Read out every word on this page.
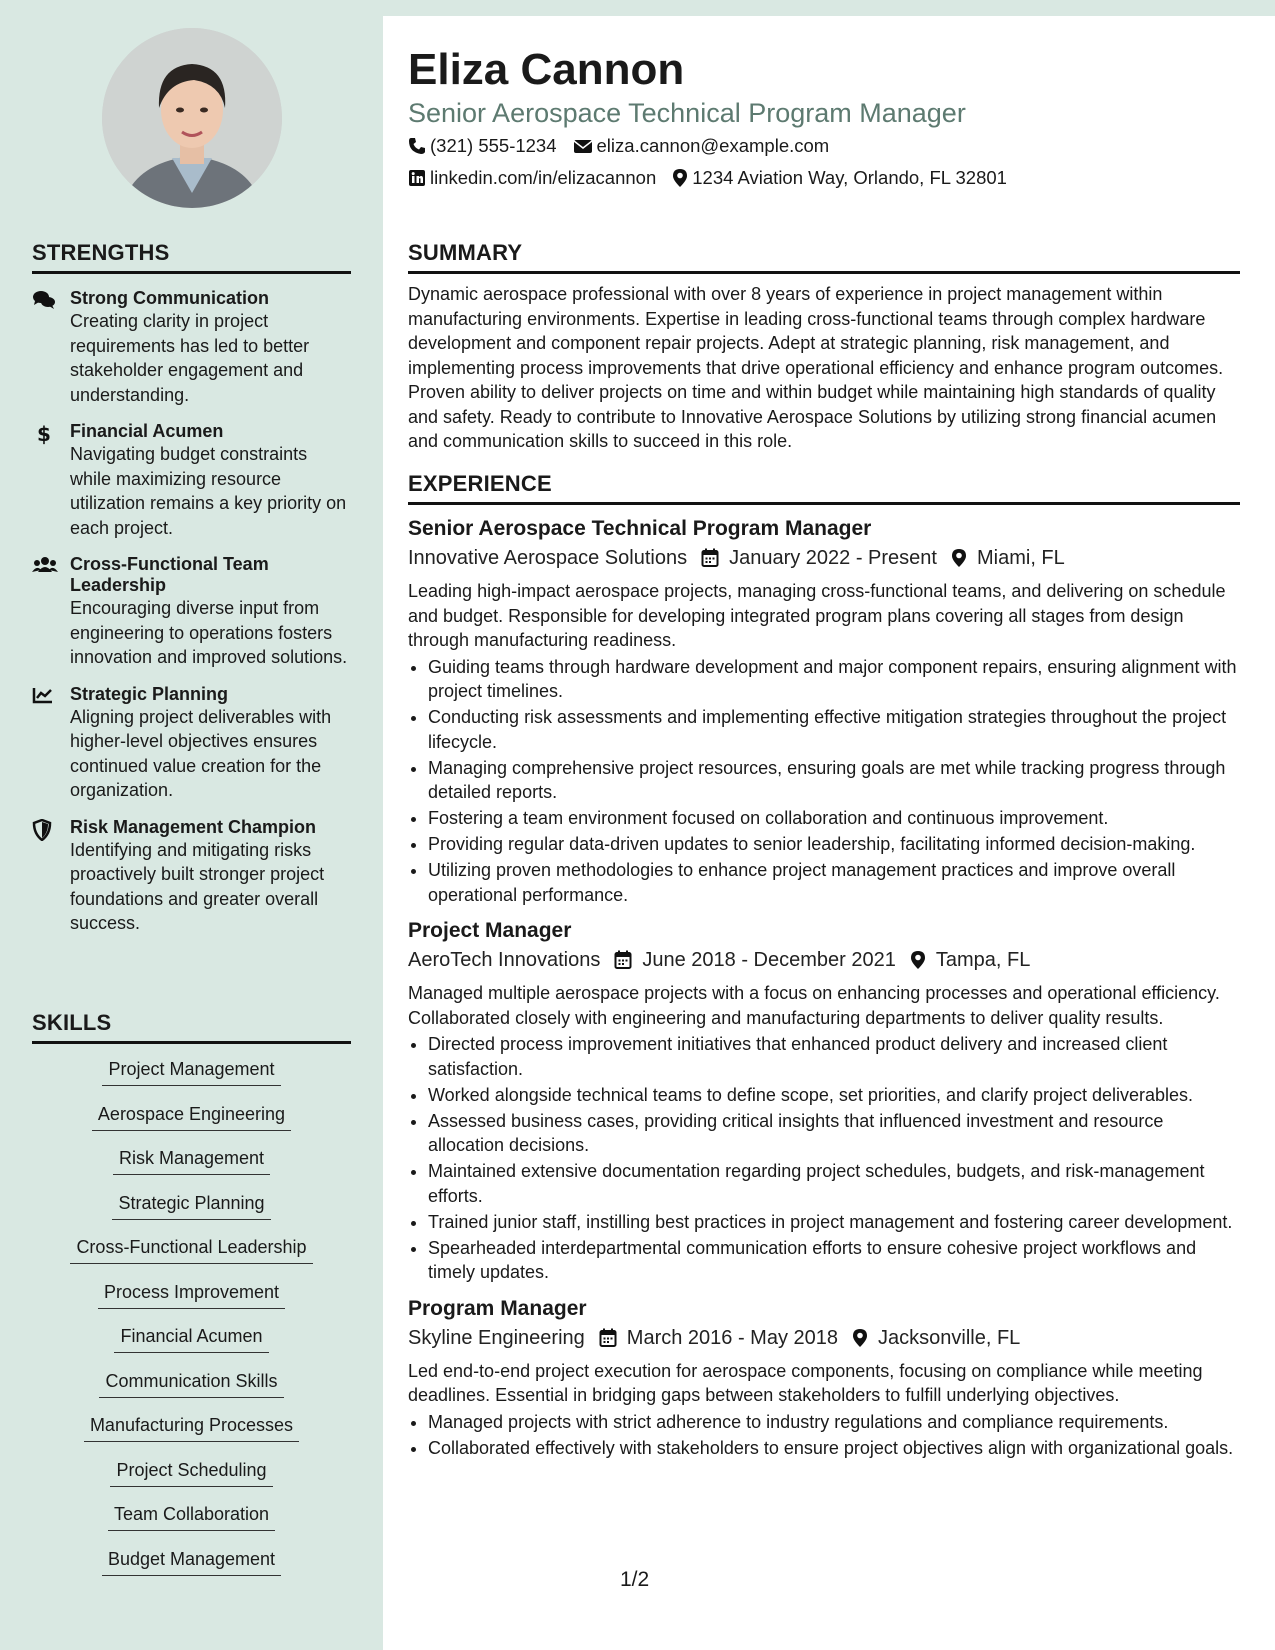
STRENGTHS
Strong Communication
Creating clarity in project requirements has led to better stakeholder engagement and understanding.
$ Financial Acumen
Navigating budget constraints while maximizing resource utilization remains a key priority on each project.
Cross-Functional Team Leadership
Encouraging diverse input from engineering to operations fosters innovation and improved solutions.
Strategic Planning
Aligning project deliverables with higher-level objectives ensures continued value creation for the organization.
Risk Management Champion
Identifying and mitigating risks proactively built stronger project foundations and greater overall success.
SKILLS
Project Management
Aerospace Engineering
Risk Management
Strategic Planning
Cross-Functional Leadership
Process Improvement
Financial Acumen
Communication Skills
Manufacturing Processes
Project Scheduling
Team Collaboration
Budget Management
Eliza Cannon
Senior Aerospace Technical Program Manager
(321) 555-1234 eliza.cannon@example.com
linkedin.com/in/elizacannon 1234 Aviation Way, Orlando, FL 32801
SUMMARY

Dynamic aerospace professional with over 8 years of experience in project management within manufacturing environments. Expertise in leading cross-functional teams through complex hardware development and component repair projects. Adept at strategic planning, risk management, and implementing process improvements that drive operational efficiency and enhance program outcomes. Proven ability to deliver projects on time and within budget while maintaining high standards of quality and safety. Ready to contribute to Innovative Aerospace Solutions by utilizing strong financial acumen and communication skills to succeed in this role.

EXPERIENCE
Senior Aerospace Technical Program Manager
Innovative Aerospace Solutions January 2022 - Present Miami, FL

Leading high-impact aerospace projects, managing cross-functional teams, and delivering on schedule and budget. Responsible for developing integrated program plans covering all stages from design through manufacturing readiness.

• Guiding teams through hardware development and major component repairs, ensuring alignment with project timelines.
• Conducting risk assessments and implementing effective mitigation strategies throughout the project lifecycle.
• Managing comprehensive project resources, ensuring goals are met while tracking progress through detailed reports.
• Fostering a team environment focused on collaboration and continuous improvement.
• Providing regular data-driven updates to senior leadership, facilitating informed decision-making.
• Utilizing proven methodologies to enhance project management practices and improve overall operational performance.
Project Manager
AeroTech Innovations June 2018 - December 2021 Tampa, FL

Managed multiple aerospace projects with a focus on enhancing processes and operational efficiency. Collaborated closely with engineering and manufacturing departments to deliver quality results.

• Directed process improvement initiatives that enhanced product delivery and increased client satisfaction.
• Worked alongside technical teams to define scope, set priorities, and clarify project deliverables.
• Assessed business cases, providing critical insights that influenced investment and resource allocation decisions.
• Maintained extensive documentation regarding project schedules, budgets, and risk-management efforts.
• Trained junior staff, instilling best practices in project management and fostering career development.
• Spearheaded interdepartmental communication efforts to ensure cohesive project workflows and timely updates.
Program Manager
Skyline Engineering March 2016 - May 2018 Jacksonville, FL

Led end-to-end project execution for aerospace components, focusing on compliance while meeting deadlines. Essential in bridging gaps between stakeholders to fulfill underlying objectives.

• Managed projects with strict adherence to industry regulations and compliance requirements.
• Collaborated effectively with stakeholders to ensure project objectives align with organizational goals.
1/2
